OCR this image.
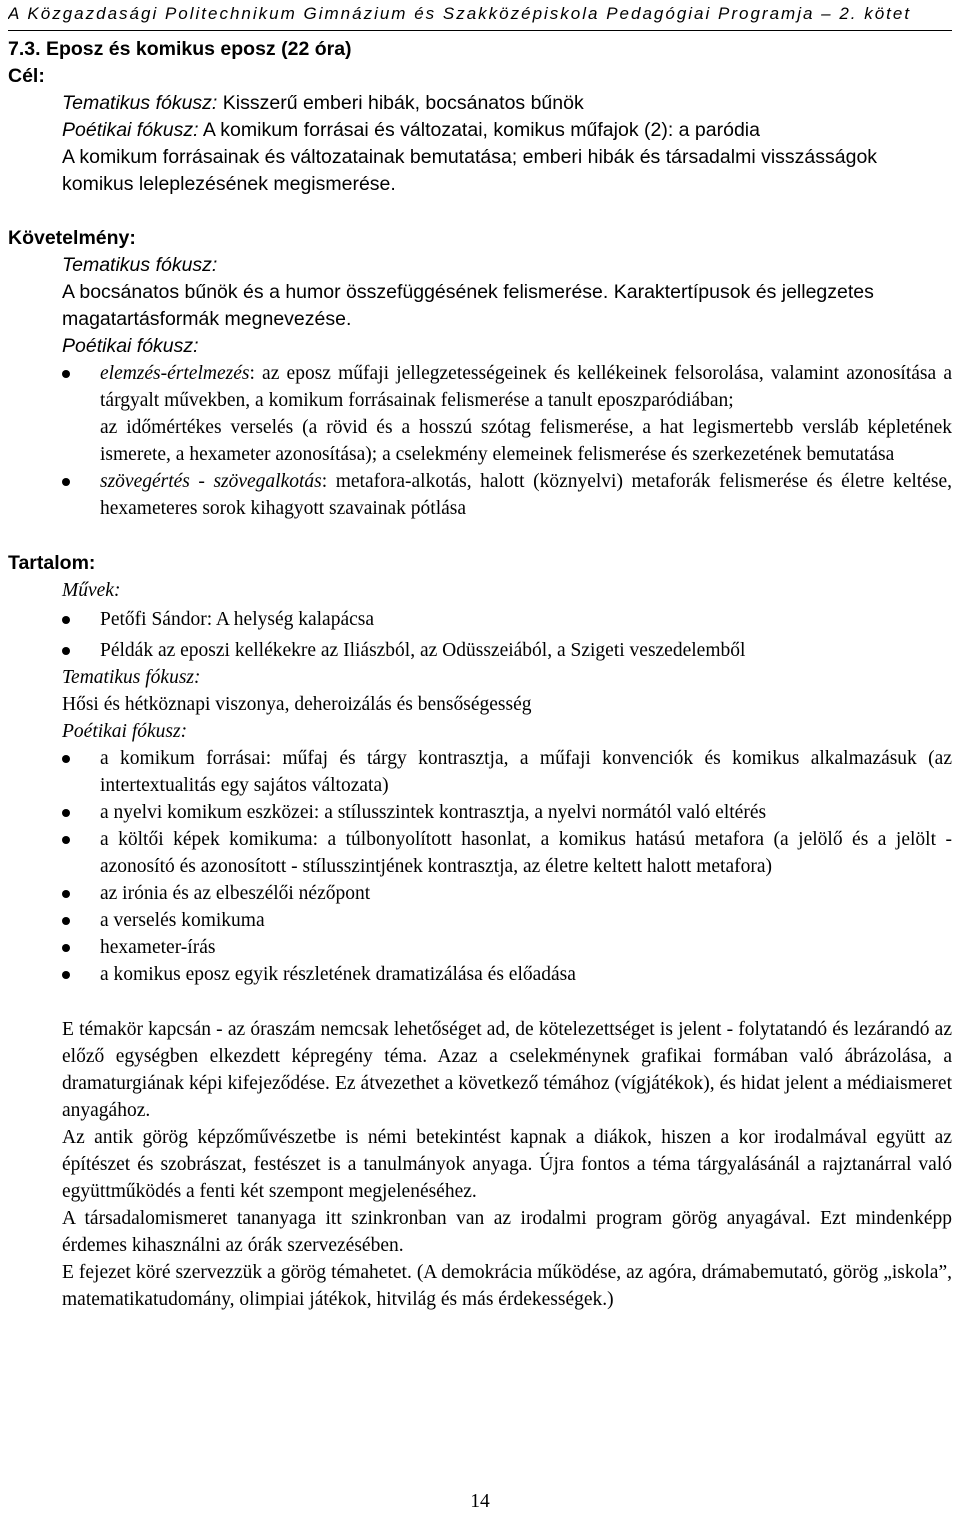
A Közgazdasági Politechnikum Gimnázium és Szakközépiskola Pedagógiai Programja – 2. kötet

7.3. Eposz és komikus eposz (22 óra)

Cél:

Tematikus fókusz: Kisszerű emberi hibák, bocsánatos bűnök

Poétikai fókusz: A komikum forrásai és változatai, komikus műfajok (2): a paródia

A komikum forrásainak és változatainak bemutatása; emberi hibák és társadalmi visszásságok komikus leleplezésének megismerése.

Követelmény:

Tematikus fókusz:

A bocsánatos bűnök és a humor összefüggésének felismerése. Karaktertípusok és jellegzetes magatartásformák megnevezése.

Poétikai fókusz:

elemzés-értelmezés: az eposz műfaji jellegzetességeinek és kellékeinek felsorolása, valamint azonosítása a tárgyalt művekben, a komikum forrásainak felismerése a tanult eposzparódiában;
az időmértékes verselés (a rövid és a hosszú szótag felismerése, a hat legismertebb versláb képletének ismerete, a hexameter azonosítása); a cselekmény elemeinek felismerése és szerkezetének bemutatása
szövegértés - szövegalkotás: metafora-alkotás, halott (köznyelvi) metaforák felismerése és életre keltése, hexameteres sorok kihagyott szavainak pótlása

Tartalom:

Művek:

Petőfi Sándor: A helység kalapácsa
Példák az eposzi kellékekre az Iliászból, az Odüsszeiából, a Szigeti veszedelemből

Tematikus fókusz:

Hősi és hétköznapi viszonya, deheroizálás és bensőségesség

Poétikai fókusz:

a komikum forrásai: műfaj és tárgy kontrasztja, a műfaji konvenciók és komikus alkalmazásuk (az intertextualitás egy sajátos változata)
a nyelvi komikum eszközei: a stílusszintek kontrasztja, a nyelvi normától való eltérés
a költői képek komikuma: a túlbonyolított hasonlat, a komikus hatású metafora (a jelölő és a jelölt - azonosító és azonosított - stílusszintjének kontrasztja, az életre keltett halott metafora)
az irónia és az elbeszélői nézőpont
a verselés komikuma
hexameter-írás
a komikus eposz egyik részletének dramatizálása és előadása

E témakör kapcsán - az óraszám nemcsak lehetőséget ad, de kötelezettséget is jelent - folytatandó és lezárandó az előző egységben elkezdett képregény téma. Azaz a cselekménynek grafikai formában való ábrázolása, a dramaturgiának képi kifejeződése. Ez átvezethet a következő témához (vígjátékok), és hidat jelent a médiaismeret anyagához.

Az antik görög képzőművészetbe is némi betekintést kapnak a diákok, hiszen a kor irodalmával együtt az építészet és szobrászat, festészet is a tanulmányok anyaga. Újra fontos a téma tárgyalásánál a rajztanárral való együttműködés a fenti két szempont megjelenéséhez.

A társadalomismeret tananyaga itt szinkronban van az irodalmi program görög anyagával. Ezt mindenképp érdemes kihasználni az órák szervezésében.

E fejezet köré szervezzük a görög témahetet. (A demokrácia működése, az agóra, drámabemutató, görög „iskola”, matematikatudomány, olimpiai játékok, hitvilág és más érdekességek.)

14
